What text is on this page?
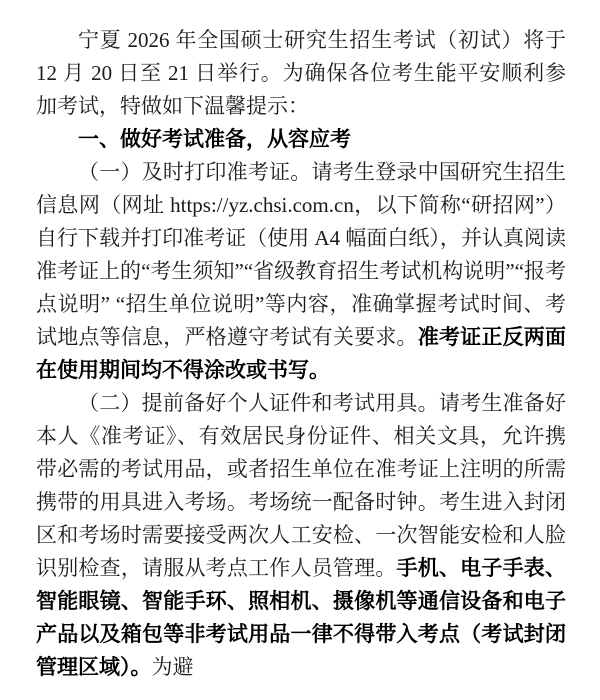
宁夏 2026 年全国硕士研究生招生考试（初试）将于 12 月 20 日至 21 日举行。为确保各位考生能平安顺利参加考试，特做如下温馨提示：

一、做好考试准备，从容应考

（一）及时打印准考证。请考生登录中国研究生招生信息网（网址 https://yz.chsi.com.cn，以下简称“研招网”）自行下载并打印准考证（使用 A4 幅面白纸），并认真阅读准考证上的“考生须知”“省级教育招生考试机构说明”“报考点说明” “招生单位说明”等内容，准确掌握考试时间、考试地点等信息，严格遵守考试有关要求。准考证正反两面在使用期间均不得涂改或书写。

（二）提前备好个人证件和考试用具。请考生准备好本人《准考证》、有效居民身份证件、相关文具，允许携带必需的考试用品，或者招生单位在准考证上注明的所需携带的用具进入考场。考场统一配备时钟。考生进入封闭区和考场时需要接受两次人工安检、一次智能安检和人脸识别检查，请服从考点工作人员管理。手机、电子手表、智能眼镜、智能手环、照相机、摄像机等通信设备和电子产品以及箱包等非考试用品一律不得带入考点（考试封闭管理区域）。为避
